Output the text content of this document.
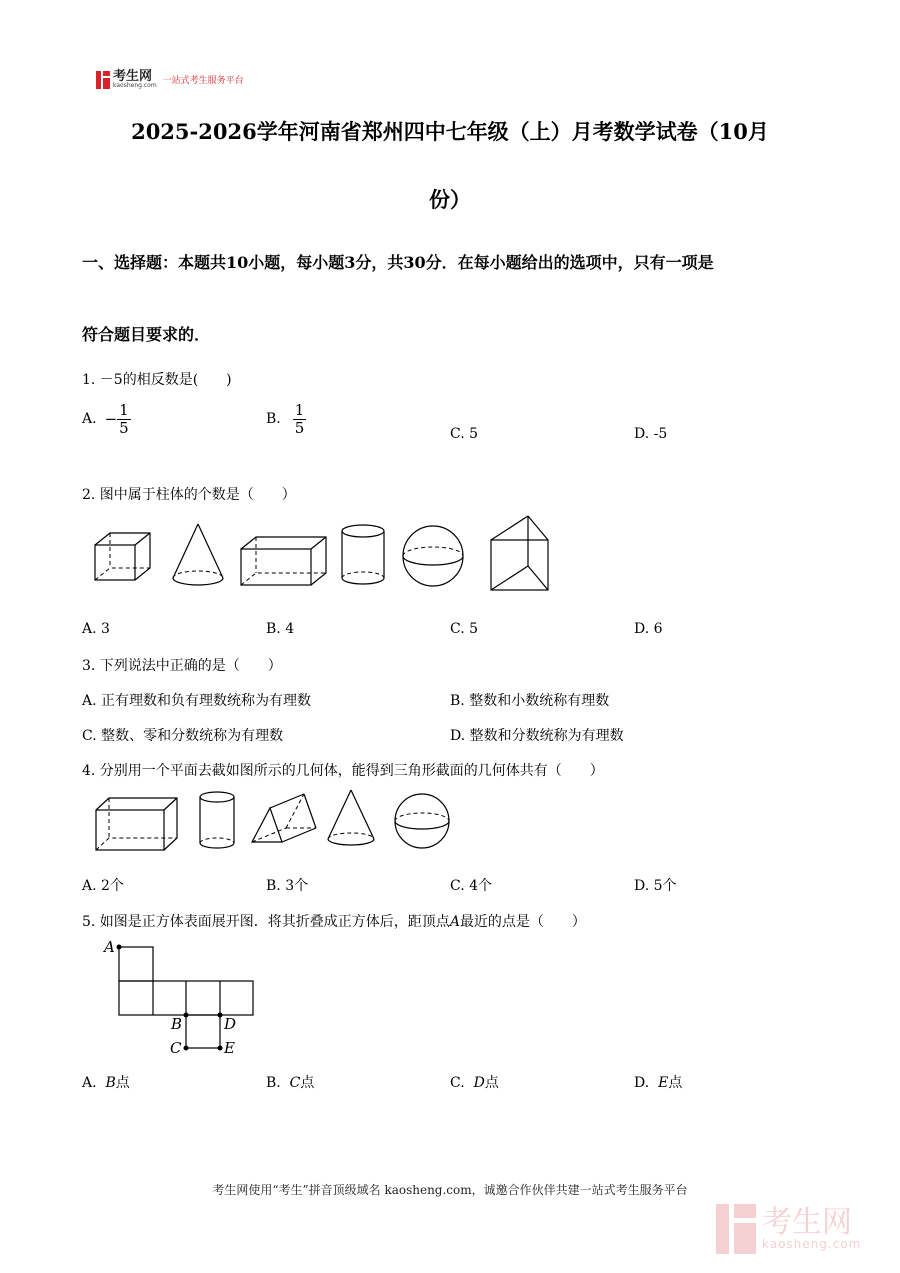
考生网
kaosheng.com 一站式考生服务平台
2025-2026学年河南省郑州四中七年级（上）月考数学试卷（10月
份）
一、选择题：本题共10小题，每小题3分，共30分．在每小题给出的选项中，只有一项是
符合题目要求的．
1. －5的相反数是(　　)
A. − $\frac{1}{5}$	B. $\frac{1}{5}$	C. 5	D. -5
2. 图中属于柱体的个数是（　　）
A. 3	B. 4	C. 5	D. 6
3. 下列说法中正确的是（　　）
A. 正有理数和负有理数统称为有理数	B. 整数和小数统称有理数
C. 整数、零和分数统称为有理数	D. 整数和分数统称为有理数
4. 分别用一个平面去截如图所示的几何体，能得到三角形截面的几何体共有（　　）
A. 2个	B. 3个	C. 4个	D. 5个
5. 如图是正方体表面展开图．将其折叠成正方体后，距顶点A最近的点是（　　）
A
B	D
C	E
A. B点	B. C点	C. D点	D. E点
考生网使用“考生”拼音顶级域名 kaosheng.com，诚邀合作伙伴共建一站式考生服务平台
考生网
kaosheng.com
